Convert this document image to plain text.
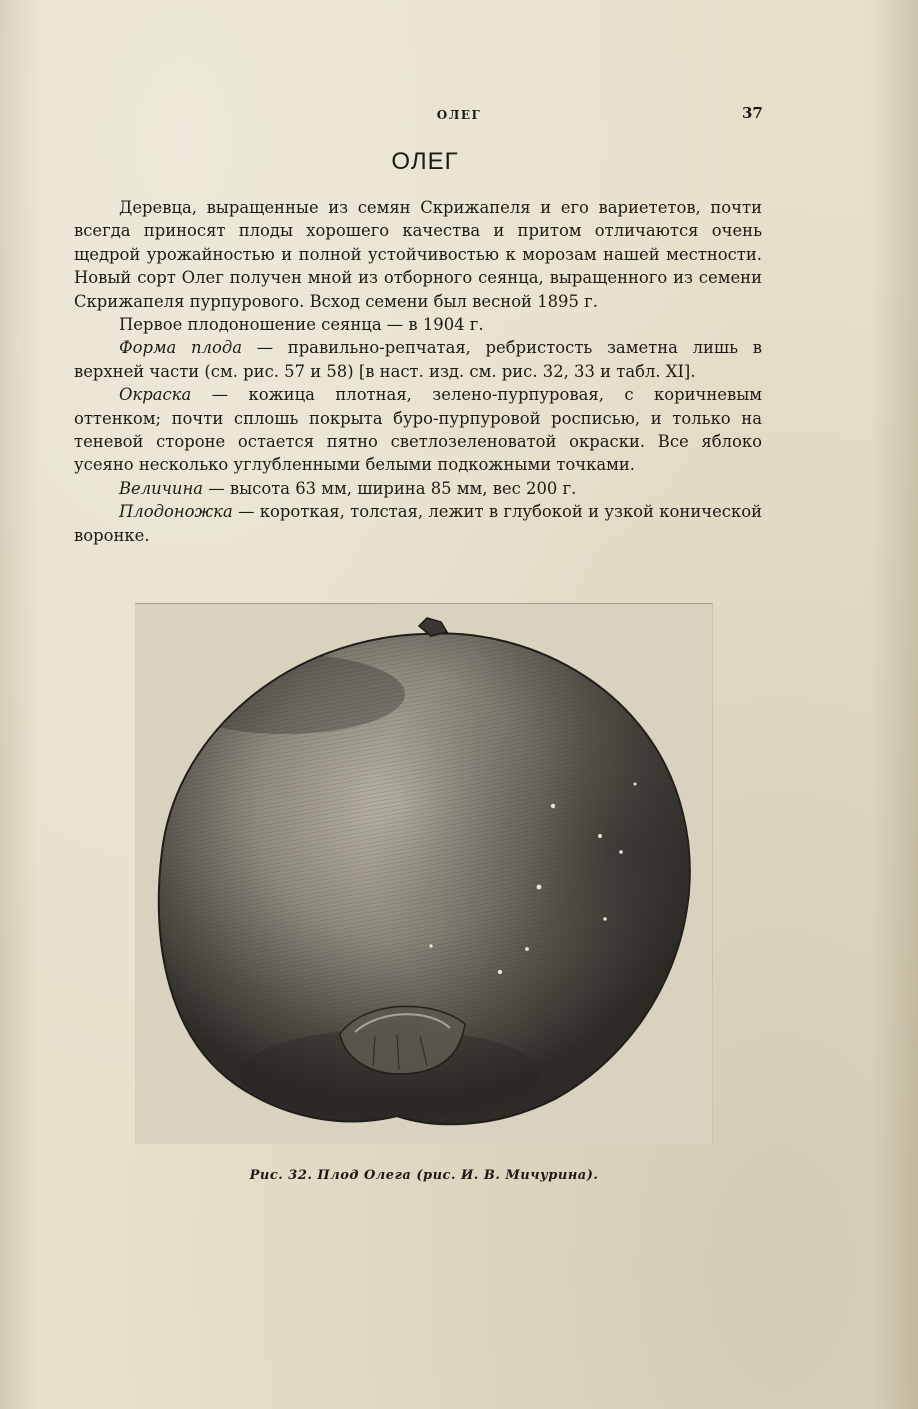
ОЛЕГ	37
ОЛЕГ

Деревца, выращенные из семян Скрижапеля и его вариететов, почти всегда приносят плоды хорошего качества и притом отличаются очень щедрой урожайностью и полной устойчивостью к морозам нашей местности. Новый сорт Олег получен мной из отборного сеянца, выращенного из семени Скрижапеля пурпурового. Всход семени был весной 1895 г.

Первое плодоношение сеянца — в 1904 г.

Форма плода — правильно-репчатая, ребристость заметна лишь в верхней части (см. рис. 57 и 58) [в наст. изд. см. рис. 32, 33 и табл. XI].

Окраска — кожица плотная, зелено-пурпуровая, с коричневым оттенком; почти сплошь покрыта буро-пурпуровой росписью, и только на теневой стороне остается пятно светлозеленоватой окраски. Все яблоко усеяно несколько углубленными белыми подкожными точками.

Величина — высота 63 мм, ширина 85 мм, вес 200 г.

Плодоножка — короткая, толстая, лежит в глубокой и узкой конической воронке.

Рис. 32. Плод Олега (рис. И. В. Мичурина).
